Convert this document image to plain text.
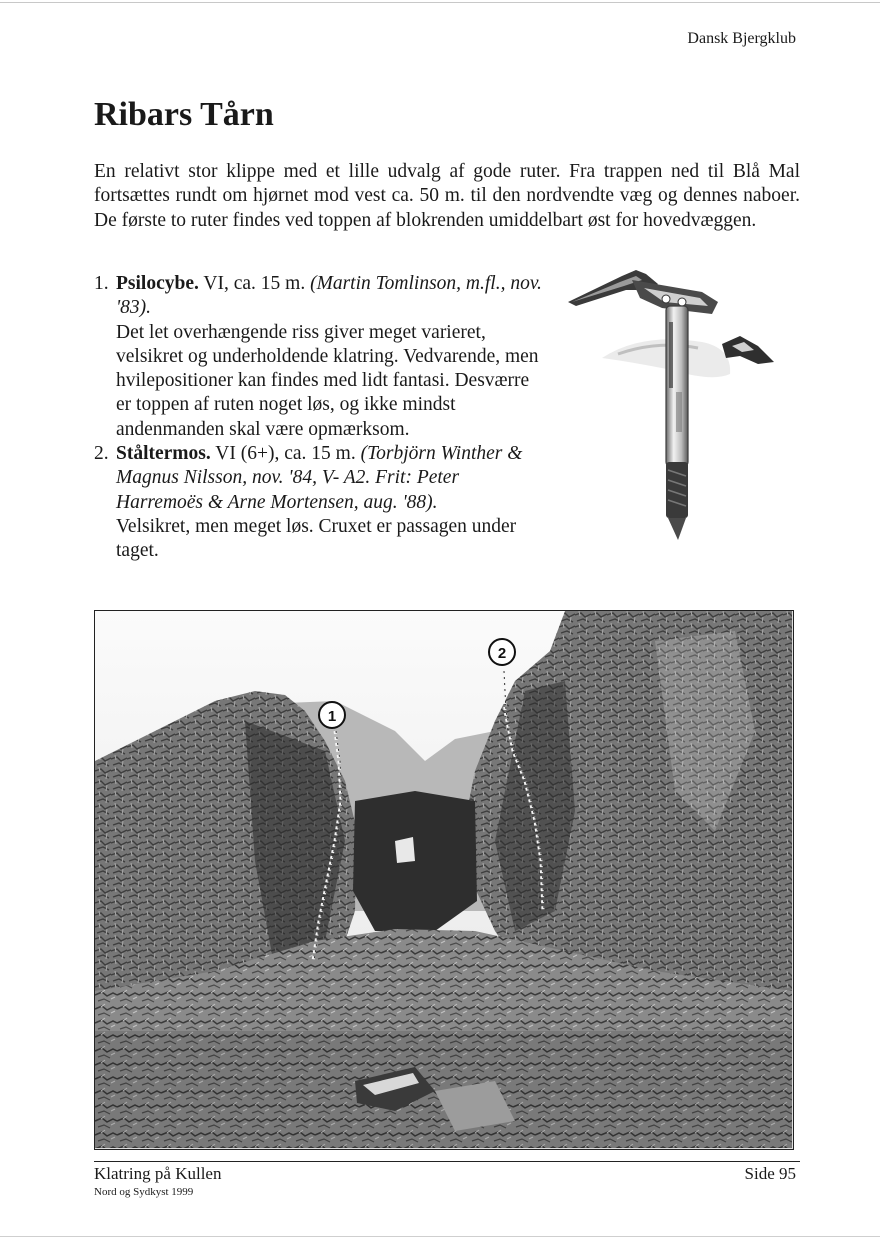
Dansk Bjergklub
Ribars Tårn

En relativt stor klippe med et lille udvalg af gode ruter. Fra trappen ned til Blå Mal fortsættes rundt om hjørnet mod vest ca. 50 m. til den nordvendte væg og dennes naboer. De første to ruter findes ved toppen af blokrenden umiddelbart øst for hovedvæggen.

1. Psilocybe. VI, ca. 15 m. (Martin Tomlinson, m.fl., nov. '83).
Det let overhængende riss giver meget varieret, velsikret og underholdende klatring. Vedvarende, men hvilepositioner kan findes med lidt fantasi. Desværre er toppen af ruten noget løs, og ikke mindst andenmanden skal være opmærksom.
2. Ståltermos. VI (6+), ca. 15 m. (Torbjörn Winther & Magnus Nilsson, nov. '84, V- A2. Frit: Peter Harremoës & Arne Mortensen, aug. '88).
Velsikret, men meget løs. Cruxet er passagen under taget.
1
2
Klatring på Kullen
Nord og Sydkyst 1999
Side 95
